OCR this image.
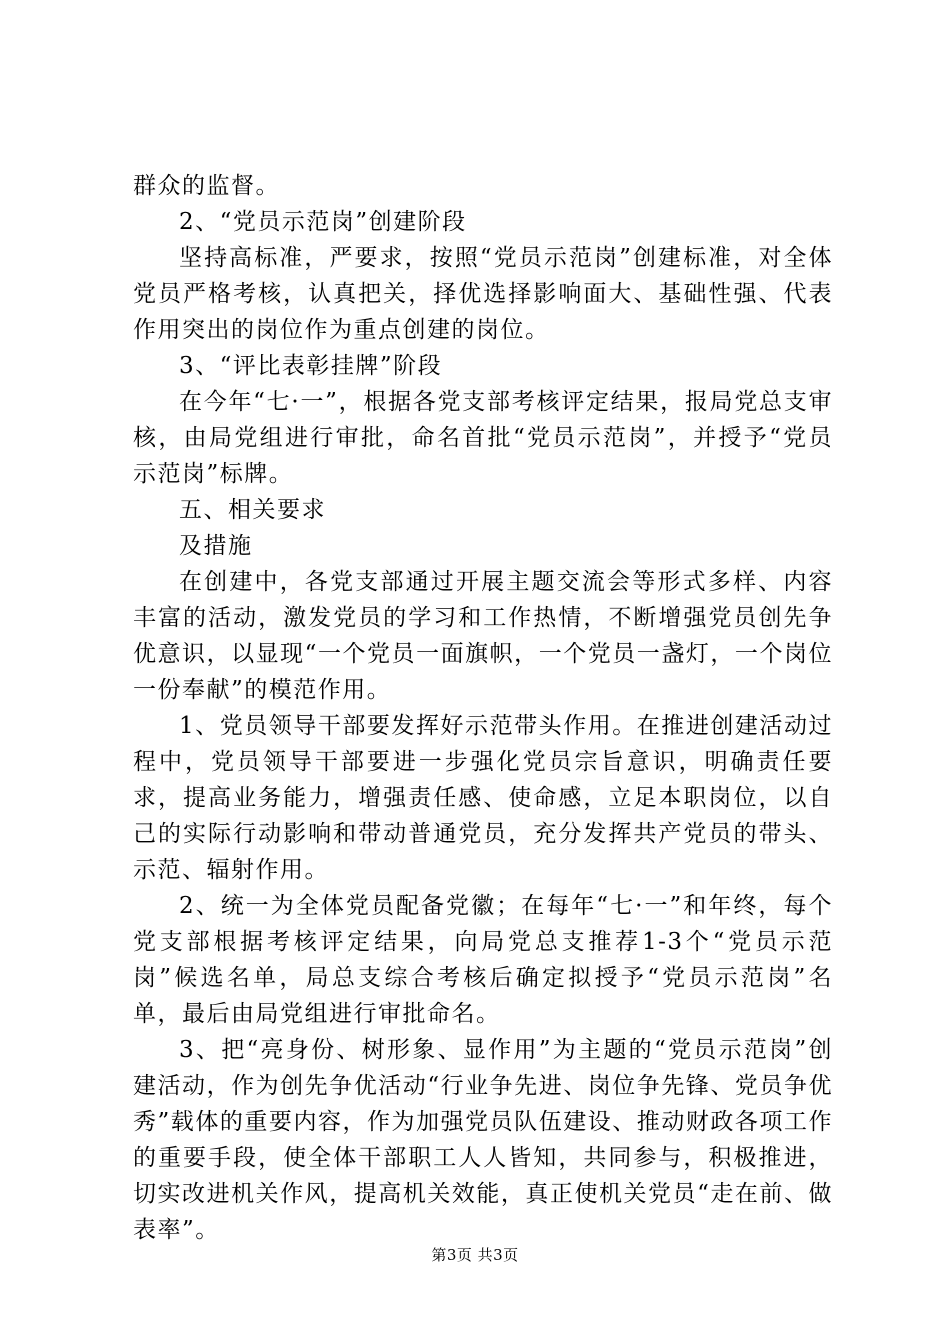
群众的监督。

2、“党员示范岗”创建阶段

坚持高标准，严要求，按照“党员示范岗”创建标准，对全体党员严格考核，认真把关，择优选择影响面大、基础性强、代表作用突出的岗位作为重点创建的岗位。

3、“评比表彰挂牌”阶段

在今年“七·一”，根据各党支部考核评定结果，报局党总支审核，由局党组进行审批，命名首批“党员示范岗”，并授予“党员示范岗”标牌。

五、相关要求

及措施

在创建中，各党支部通过开展主题交流会等形式多样、内容丰富的活动，激发党员的学习和工作热情，不断增强党员创先争优意识，以显现“一个党员一面旗帜，一个党员一盏灯，一个岗位一份奉献”的模范作用。

1、党员领导干部要发挥好示范带头作用。在推进创建活动过程中，党员领导干部要进一步强化党员宗旨意识，明确责任要求，提高业务能力，增强责任感、使命感，立足本职岗位，以自己的实际行动影响和带动普通党员，充分发挥共产党员的带头、示范、辐射作用。

2、统一为全体党员配备党徽；在每年“七·一”和年终，每个党支部根据考核评定结果，向局党总支推荐1-3个“党员示范岗”候选名单，局总支综合考核后确定拟授予“党员示范岗”名单，最后由局党组进行审批命名。

3、把“亮身份、树形象、显作用”为主题的“党员示范岗”创建活动，作为创先争优活动“行业争先进、岗位争先锋、党员争优秀”载体的重要内容，作为加强党员队伍建设、推动财政各项工作的重要手段，使全体干部职工人人皆知，共同参与，积极推进，切实改进机关作风，提高机关效能，真正使机关党员“走在前、做表率”。

第3页 共3页
